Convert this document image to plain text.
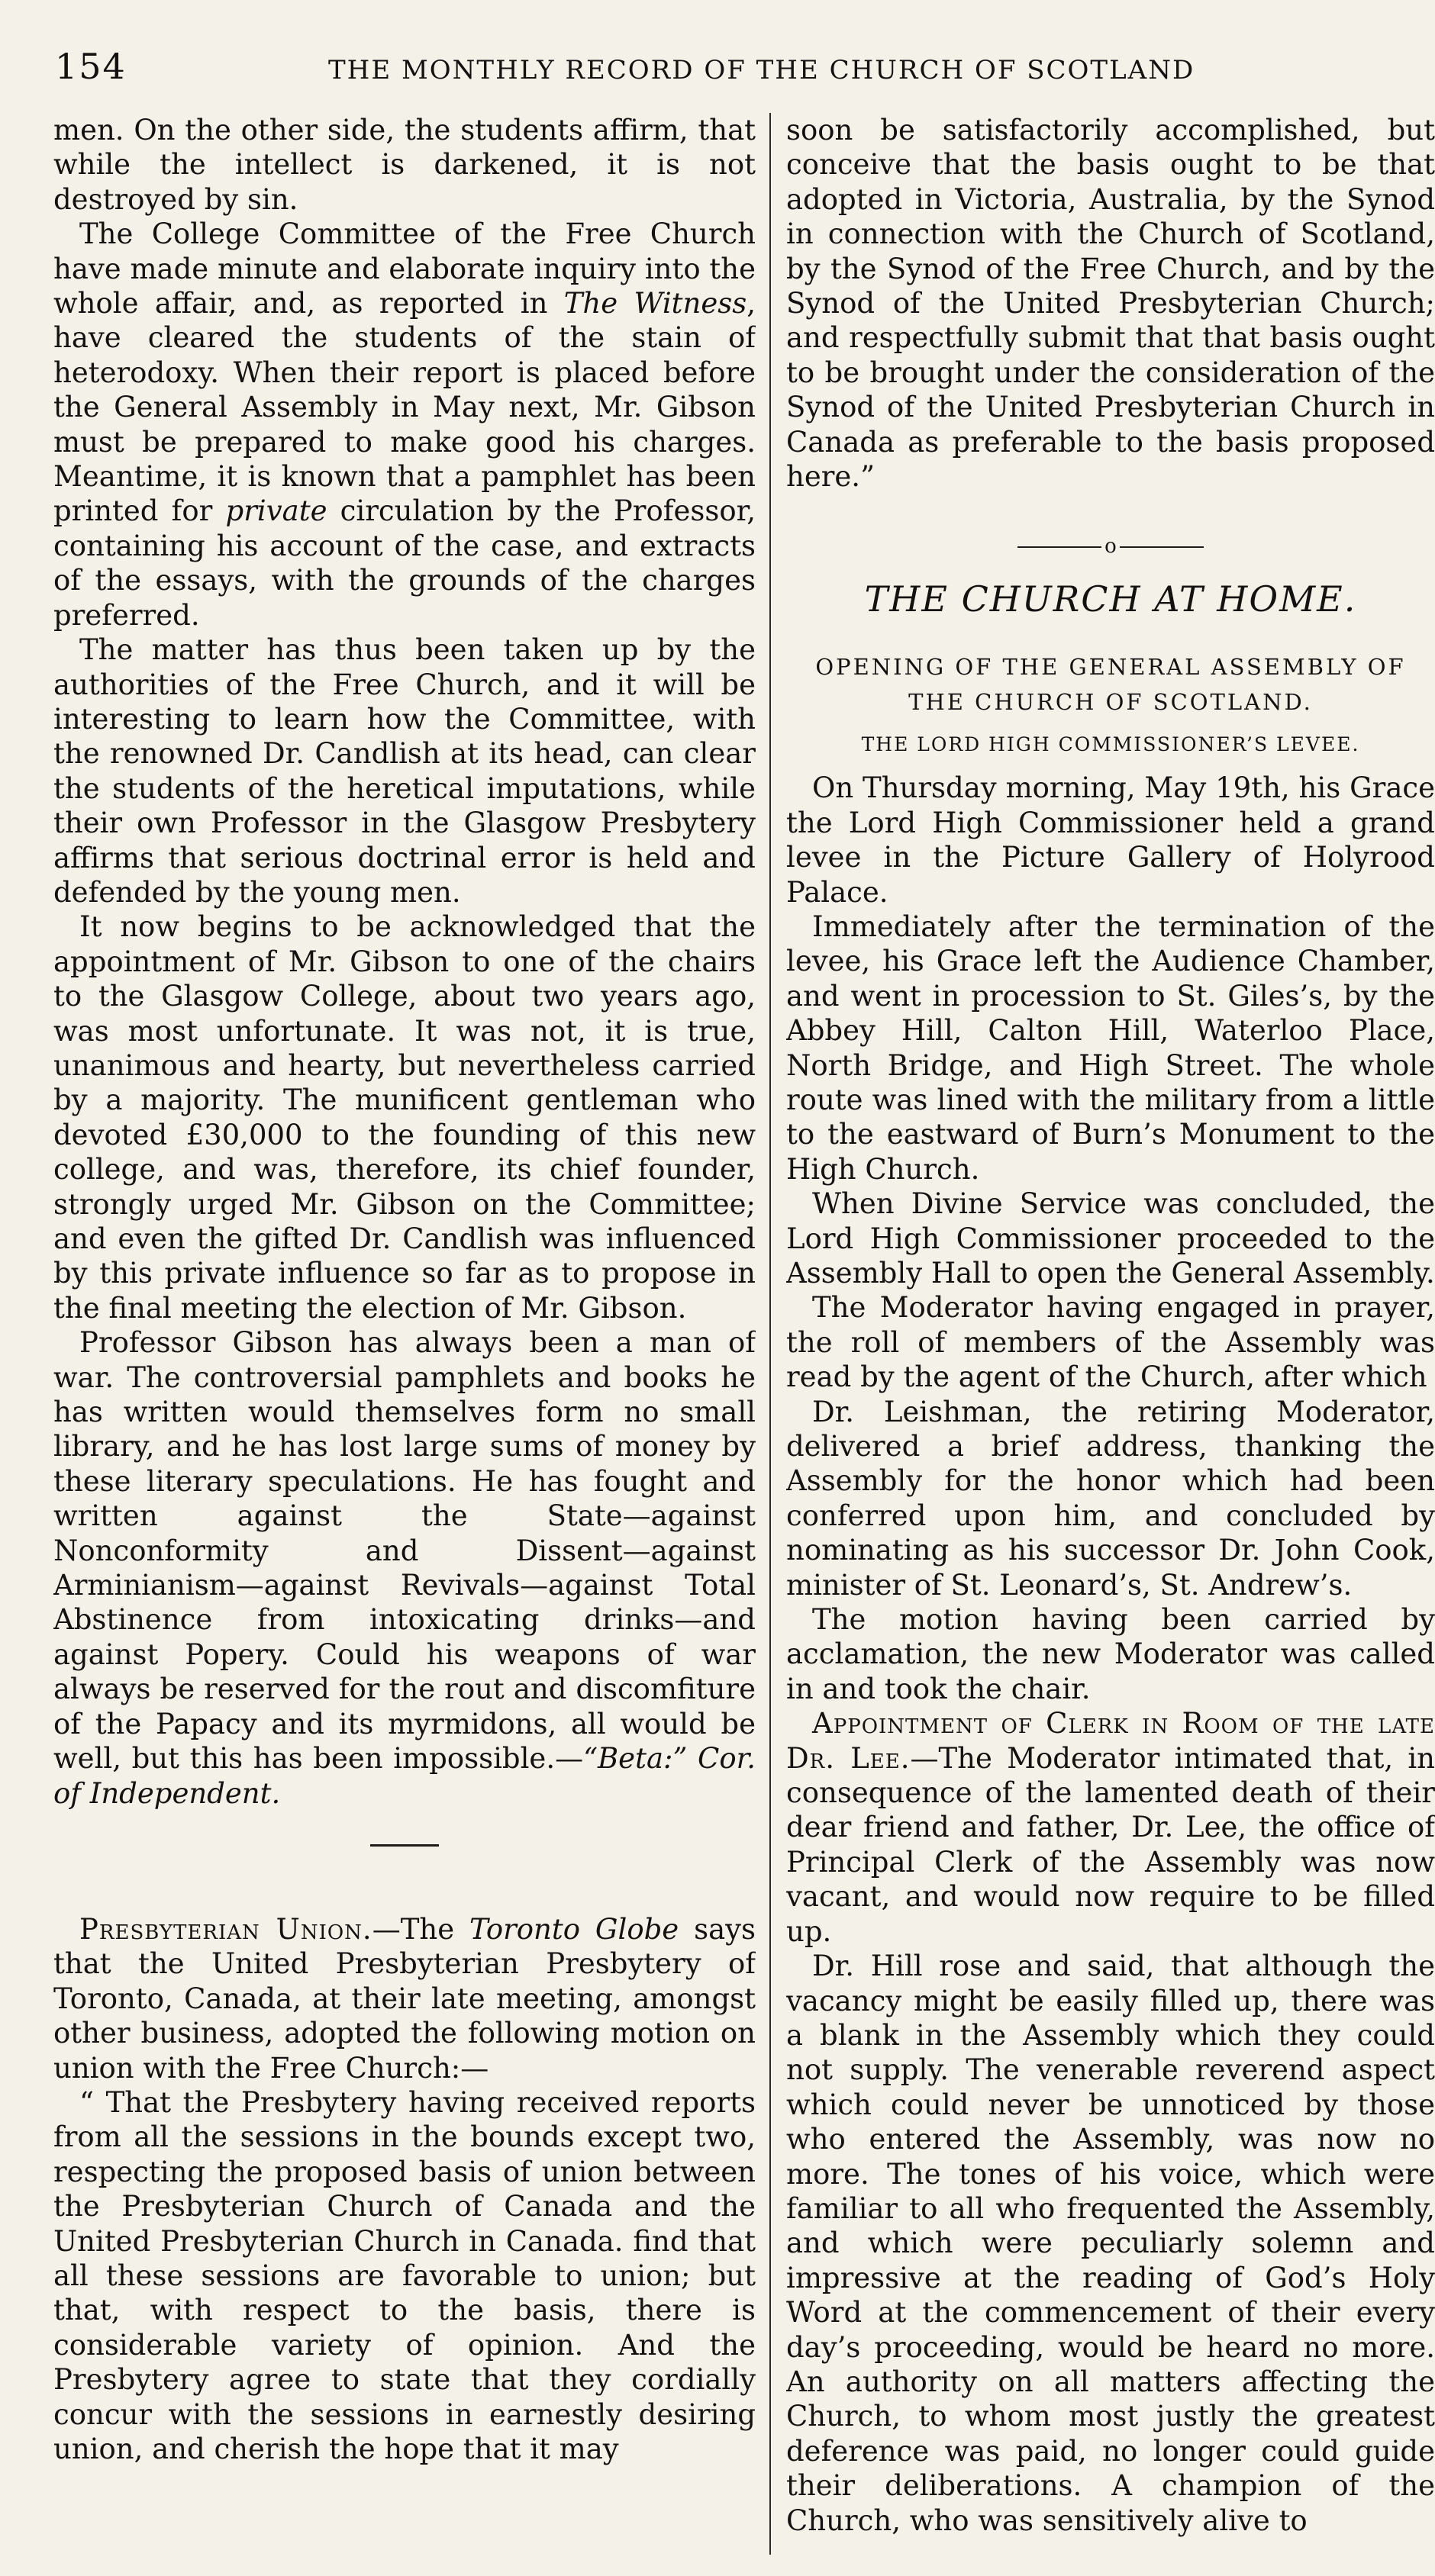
154	THE MONTHLY RECORD OF THE CHURCH OF SCOTLAND

men. On the other side, the students affirm, that while the intellect is darkened, it is not destroyed by sin.

The College Committee of the Free Church have made minute and elaborate inquiry into the whole affair, and, as reported in The Witness, have cleared the students of the stain of heterodoxy. When their report is placed before the General Assembly in May next, Mr. Gibson must be prepared to make good his charges. Meantime, it is known that a pamphlet has been printed for private circulation by the Professor, containing his account of the case, and extracts of the essays, with the grounds of the charges preferred.

The matter has thus been taken up by the authorities of the Free Church, and it will be interesting to learn how the Committee, with the renowned Dr. Candlish at its head, can clear the students of the heretical imputations, while their own Professor in the Glasgow Presbytery affirms that serious doctrinal error is held and defended by the young men.

It now begins to be acknowledged that the appointment of Mr. Gibson to one of the chairs to the Glasgow College, about two years ago, was most unfortunate. It was not, it is true, unanimous and hearty, but nevertheless carried by a majority. The munificent gentleman who devoted £30,000 to the founding of this new college, and was, therefore, its chief founder, strongly urged Mr. Gibson on the Committee; and even the gifted Dr. Candlish was influenced by this private influence so far as to propose in the final meeting the election of Mr. Gibson.

Professor Gibson has always been a man of war. The controversial pamphlets and books he has written would themselves form no small library, and he has lost large sums of money by these literary speculations. He has fought and written against the State—against Nonconformity and Dissent—against Arminianism—against Revivals—against Total Abstinence from intoxicating drinks—and against Popery. Could his weapons of war always be reserved for the rout and discomfiture of the Papacy and its myrmidons, all would be well, but this has been impossible.—“Beta:” Cor. of Independent.

Presbyterian Union.—The Toronto Globe says that the United Presbyterian Presbytery of Toronto, Canada, at their late meeting, amongst other business, adopted the following motion on union with the Free Church:—

“ That the Presbytery having received reports from all the sessions in the bounds except two, respecting the proposed basis of union between the Presbyterian Church of Canada and the United Presbyterian Church in Canada. find that all these sessions are favorable to union; but that, with respect to the basis, there is considerable variety of opinion. And the Presbytery agree to state that they cordially concur with the sessions in earnestly desiring union, and cherish the hope that it may

soon be satisfactorily accomplished, but conceive that the basis ought to be that adopted in Victoria, Australia, by the Synod in connection with the Church of Scotland, by the Synod of the Free Church, and by the Synod of the United Presbyterian Church; and respectfully submit that that basis ought to be brought under the consideration of the Synod of the United Presbyterian Church in Canada as preferable to the basis proposed here.”

o
THE CHURCH AT HOME.
OPENING OF THE GENERAL ASSEMBLY OF
THE CHURCH OF SCOTLAND.
THE LORD HIGH COMMISSIONER’S LEVEE.

On Thursday morning, May 19th, his Grace the Lord High Commissioner held a grand levee in the Picture Gallery of Holyrood Palace.

Immediately after the termination of the levee, his Grace left the Audience Chamber, and went in procession to St. Giles’s, by the Abbey Hill, Calton Hill, Waterloo Place, North Bridge, and High Street. The whole route was lined with the military from a little to the eastward of Burn’s Monument to the High Church.

When Divine Service was concluded, the Lord High Commissioner proceeded to the Assembly Hall to open the General Assembly.

The Moderator having engaged in prayer, the roll of members of the Assembly was read by the agent of the Church, after which

Dr. Leishman, the retiring Moderator, delivered a brief address, thanking the Assembly for the honor which had been conferred upon him, and concluded by nominating as his successor Dr. John Cook, minister of St. Leonard’s, St. Andrew’s.

The motion having been carried by acclamation, the new Moderator was called in and took the chair.

Appointment of Clerk in Room of the late Dr. Lee.—The Moderator intimated that, in consequence of the lamented death of their dear friend and father, Dr. Lee, the office of Principal Clerk of the Assembly was now vacant, and would now require to be filled up.

Dr. Hill rose and said, that although the vacancy might be easily filled up, there was a blank in the Assembly which they could not supply. The venerable reverend aspect which could never be unnoticed by those who entered the Assembly, was now no more. The tones of his voice, which were familiar to all who frequented the Assembly, and which were peculiarly solemn and impressive at the reading of God’s Holy Word at the commencement of their every day’s proceeding, would be heard no more. An authority on all matters affecting the Church, to whom most justly the greatest deference was paid, no longer could guide their deliberations. A champion of the Church, who was sensitively alive to
